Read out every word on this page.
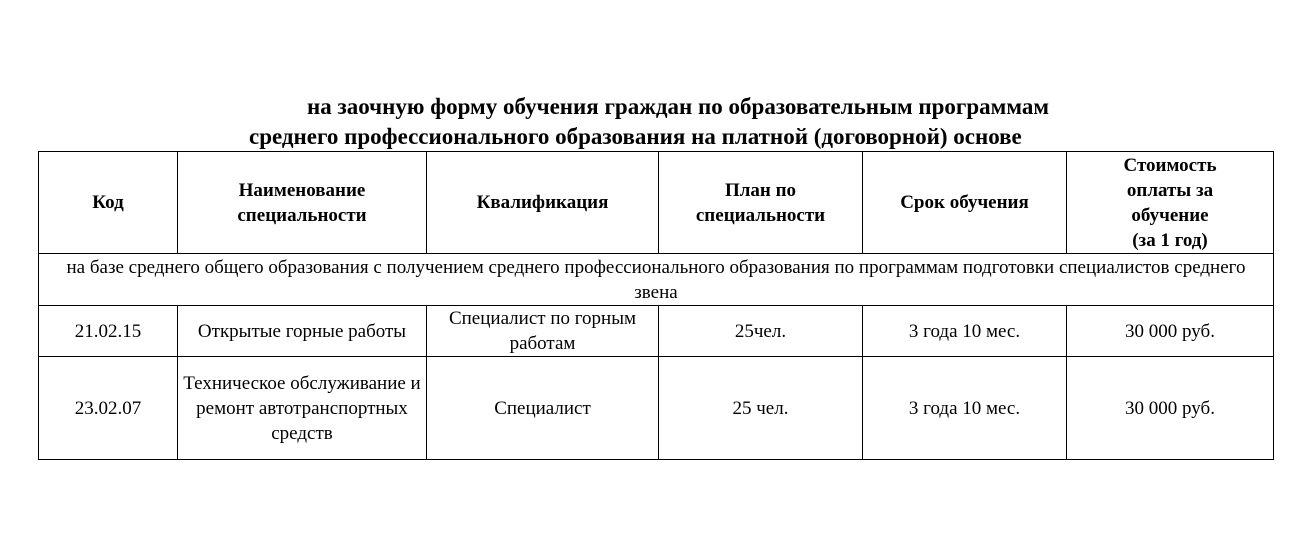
на заочную форму обучения граждан по образовательным программам
среднего профессионального образования на платной (договорной) основе
Код	Наименование специальности	Квалификация	План по специальности	Срок обучения	Стоимость
оплаты за
обучение
(за 1 год)

на базе среднего общего образования с получением среднего профессионального образования по программам подготовки специалистов среднего звена					
21.02.15	Открытые горные работы	Специалист по горным работам	25чел.	3 года 10 мес.	30 000 руб.
23.02.07	Техническое обслуживание и ремонт автотранспортных средств	Специалист	25 чел.	3 года 10 мес.	30 000 руб.
